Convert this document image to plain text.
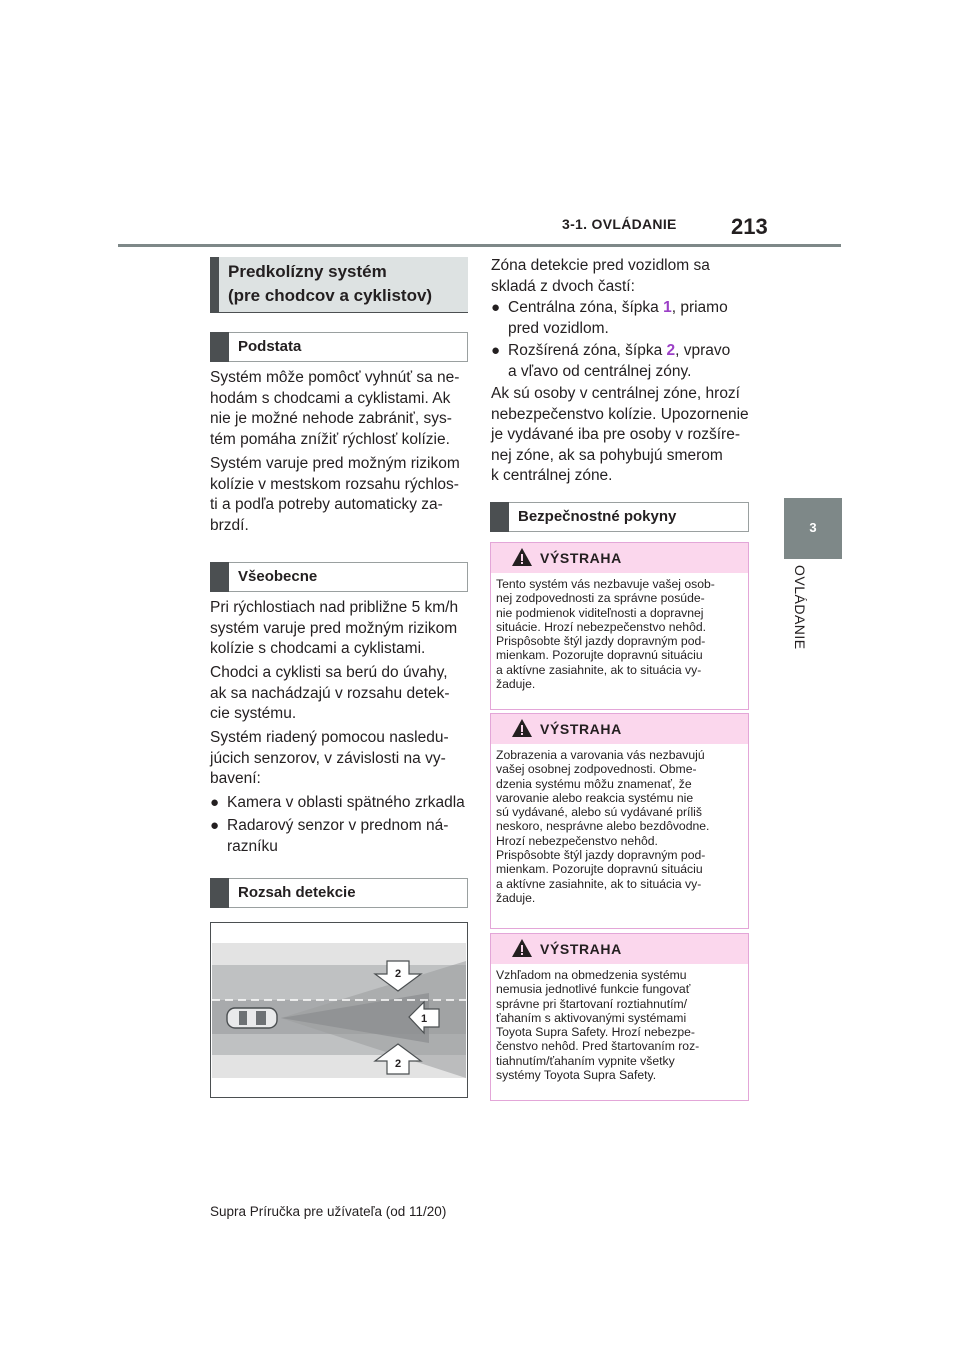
3-1. OVLÁDANIE 213
3
OVLÁDANIE
Predkolízny systém
(pre chodcov a cyklistov)
Podstata
Systém môže pomôcť vyhnúť sa ne-
hodám s chodcami a cyklistami. Ak
nie je možné nehode zabrániť, sys-
tém pomáha znížiť rýchlosť kolízie.
Systém varuje pred možným rizikom
kolízie v mestskom rozsahu rýchlos-
ti a podľa potreby automaticky za-
brzdí.
Všeobecne
Pri rýchlostiach nad približne 5 km/h
systém varuje pred možným rizikom
kolízie s chodcami a cyklistami.
Chodci a cyklisti sa berú do úvahy,
ak sa nachádzajú v rozsahu detek-
cie systému.
Systém riadený pomocou nasledu-
júcich senzorov, v závislosti na vy-
bavení:
● Kamera v oblasti spätného zrkadla
● Radarový senzor v prednom ná-
razníku
Rozsah detekcie
2
1
2
Zóna detekcie pred vozidlom sa
skladá z dvoch častí:
● Centrálna zóna, šípka 1, priamo
pred vozidlom.
● Rozšírená zóna, šípka 2, vpravo
a vľavo od centrálnej zóny.
Ak sú osoby v centrálnej zóne, hrozí
nebezpečenstvo kolízie. Upozornenie
je vydávané iba pre osoby v rozšíre-
nej zóne, ak sa pohybujú smerom
k centrálnej zóne.
Bezpečnostné pokyny
VÝSTRAHA
Tento systém vás nezbavuje vašej osob-
nej zodpovednosti za správne posúde-
nie podmienok viditeľnosti a dopravnej
situácie. Hrozí nebezpečenstvo nehôd.
Prispôsobte štýl jazdy dopravným pod-
mienkam. Pozorujte dopravnú situáciu
a aktívne zasiahnite, ak to situácia vy-
žaduje.
VÝSTRAHA
Zobrazenia a varovania vás nezbavujú
vašej osobnej zodpovednosti. Obme-
dzenia systému môžu znamenať, že
varovanie alebo reakcia systému nie
sú vydávané, alebo sú vydávané príliš
neskoro, nesprávne alebo bezdôvodne.
Hrozí nebezpečenstvo nehôd.
Prispôsobte štýl jazdy dopravným pod-
mienkam. Pozorujte dopravnú situáciu
a aktívne zasiahnite, ak to situácia vy-
žaduje.
VÝSTRAHA
Vzhľadom na obmedzenia systému
nemusia jednotlivé funkcie fungovať
správne pri štartovaní roztiahnutím/
ťahaním s aktivovanými systémami
Toyota Supra Safety. Hrozí nebezpe-
čenstvo nehôd. Pred štartovaním roz-
tiahnutím/ťahaním vypnite všetky
systémy Toyota Supra Safety.
Supra Príručka pre užívateľa (od 11/20)
